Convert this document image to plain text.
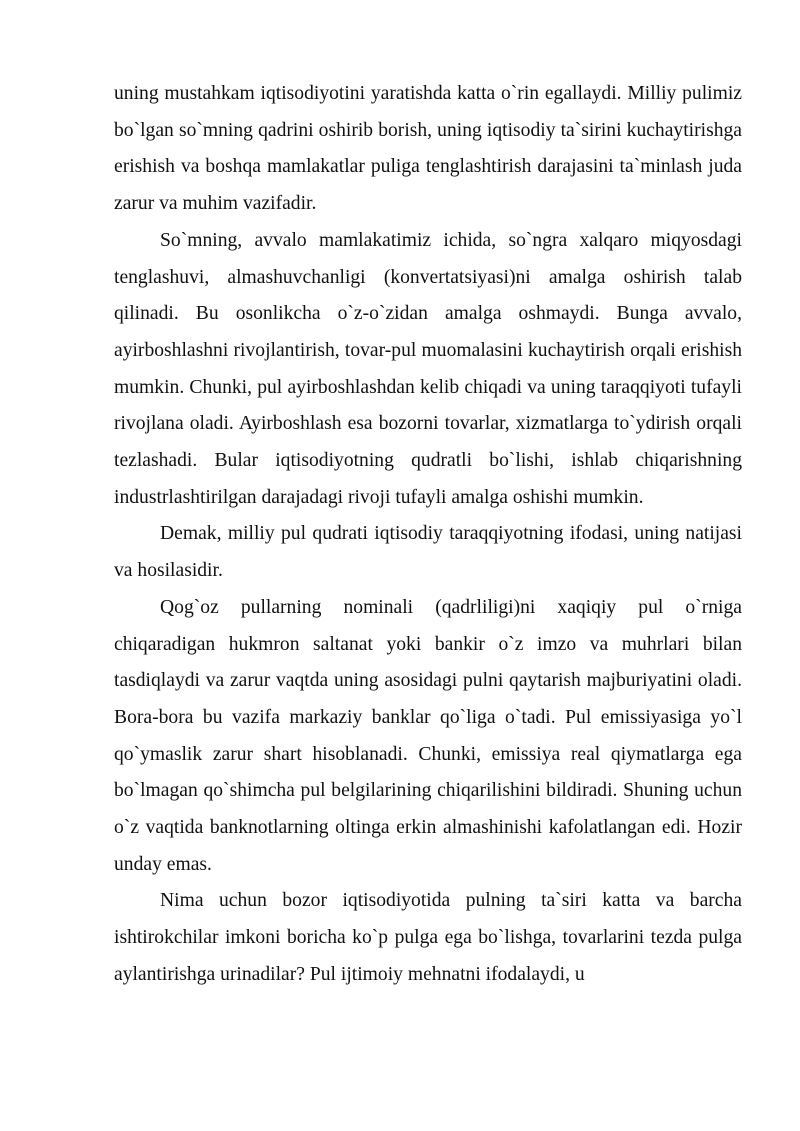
uning mustahkam iqtisodiyotini yaratishda katta o`rin egallaydi. Milliy pulimiz bo`lgan so`mning qadrini oshirib borish, uning iqtisodiy ta`sirini kuchaytirishga erishish va boshqa mamlakatlar puliga tenglashtirish darajasini ta`minlash juda zarur va muhim vazifadir.

So`mning, avvalo mamlakatimiz ichida, so`ngra xalqaro miqyosdagi tenglashuvi, almashuvchanligi (konvertatsiyasi)ni amalga oshirish talab qilinadi. Bu osonlikcha o`z-o`zidan amalga oshmaydi. Bunga avvalo, ayirboshlashni rivojlantirish, tovar-pul muomalasini kuchaytirish orqali erishish mumkin. Chunki, pul ayirboshlashdan kelib chiqadi va uning taraqqiyoti tufayli rivojlana oladi. Ayirboshlash esa bozorni tovarlar, xizmatlarga to`ydirish orqali tezlashadi. Bular iqtisodiyotning qudratli bo`lishi, ishlab chiqarishning industrlashtirilgan darajadagi rivoji tufayli amalga oshishi mumkin.

Demak, milliy pul qudrati iqtisodiy taraqqiyotning ifodasi, uning natijasi va hosilasidir.

Qog`oz pullarning nominali (qadrliligi)ni xaqiqiy pul o`rniga chiqaradigan hukmron saltanat yoki bankir o`z imzo va muhrlari bilan tasdiqlaydi va zarur vaqtda uning asosidagi pulni qaytarish majburiyatini oladi. Bora-bora bu vazifa markaziy banklar qo`liga o`tadi. Pul emissiyasiga yo`l qo`ymaslik zarur shart hisoblanadi. Chunki, emissiya real qiymatlarga ega bo`lmagan qo`shimcha pul belgilarining chiqarilishini bildiradi. Shuning uchun o`z vaqtida banknotlarning oltinga erkin almashinishi kafolatlangan edi. Hozir unday emas.

Nima uchun bozor iqtisodiyotida pulning ta`siri katta va barcha ishtirokchilar imkoni boricha ko`p pulga ega bo`lishga, tovarlarini tezda pulga aylantirishga urinadilar? Pul ijtimoiy mehnatni ifodalaydi, u
